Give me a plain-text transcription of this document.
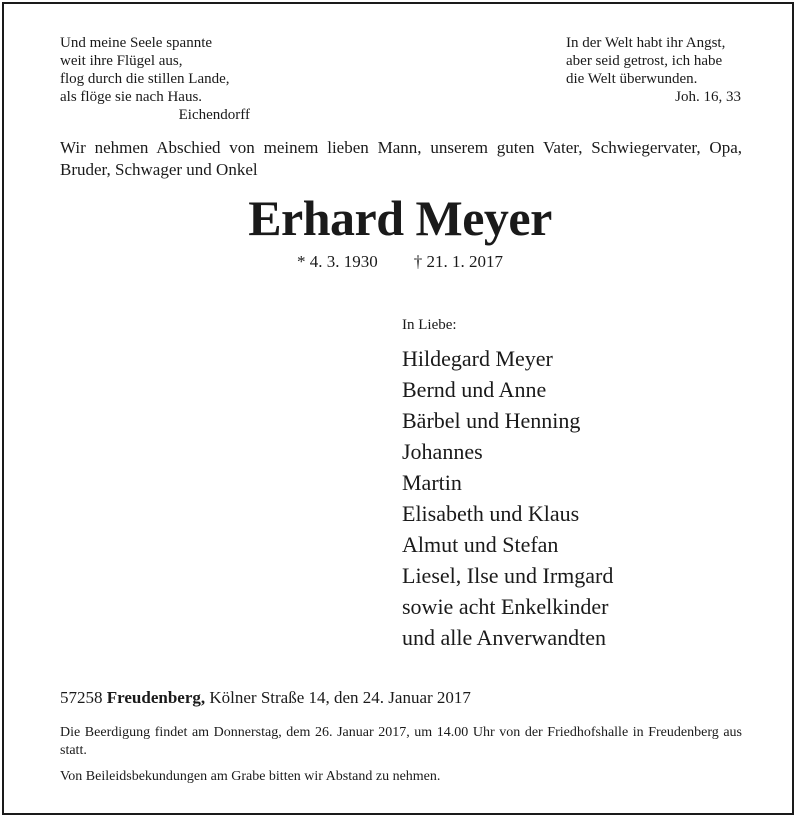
Und meine Seele spannte
weit ihre Flügel aus,
flog durch die stillen Lande,
als flöge sie nach Haus.
Eichendorff
In der Welt habt ihr Angst,
aber seid getrost, ich habe
die Welt überwunden.
Joh. 16, 33
Wir nehmen Abschied von meinem lieben Mann, unserem guten Vater, Schwiegervater, Opa, Bruder, Schwager und Onkel
Erhard Meyer
* 4. 3. 1930 † 21. 1. 2017
In Liebe:
Hildegard Meyer
Bernd und Anne
Bärbel und Henning
Johannes
Martin
Elisabeth und Klaus
Almut und Stefan
Liesel, Ilse und Irmgard
sowie acht Enkelkinder
und alle Anverwandten
57258 Freudenberg, Kölner Straße 14, den 24. Januar 2017
Die Beerdigung findet am Donnerstag, dem 26. Januar 2017, um 14.00 Uhr von der Friedhofshalle in Freudenberg aus statt.
Von Beileidsbekundungen am Grabe bitten wir Abstand zu nehmen.
